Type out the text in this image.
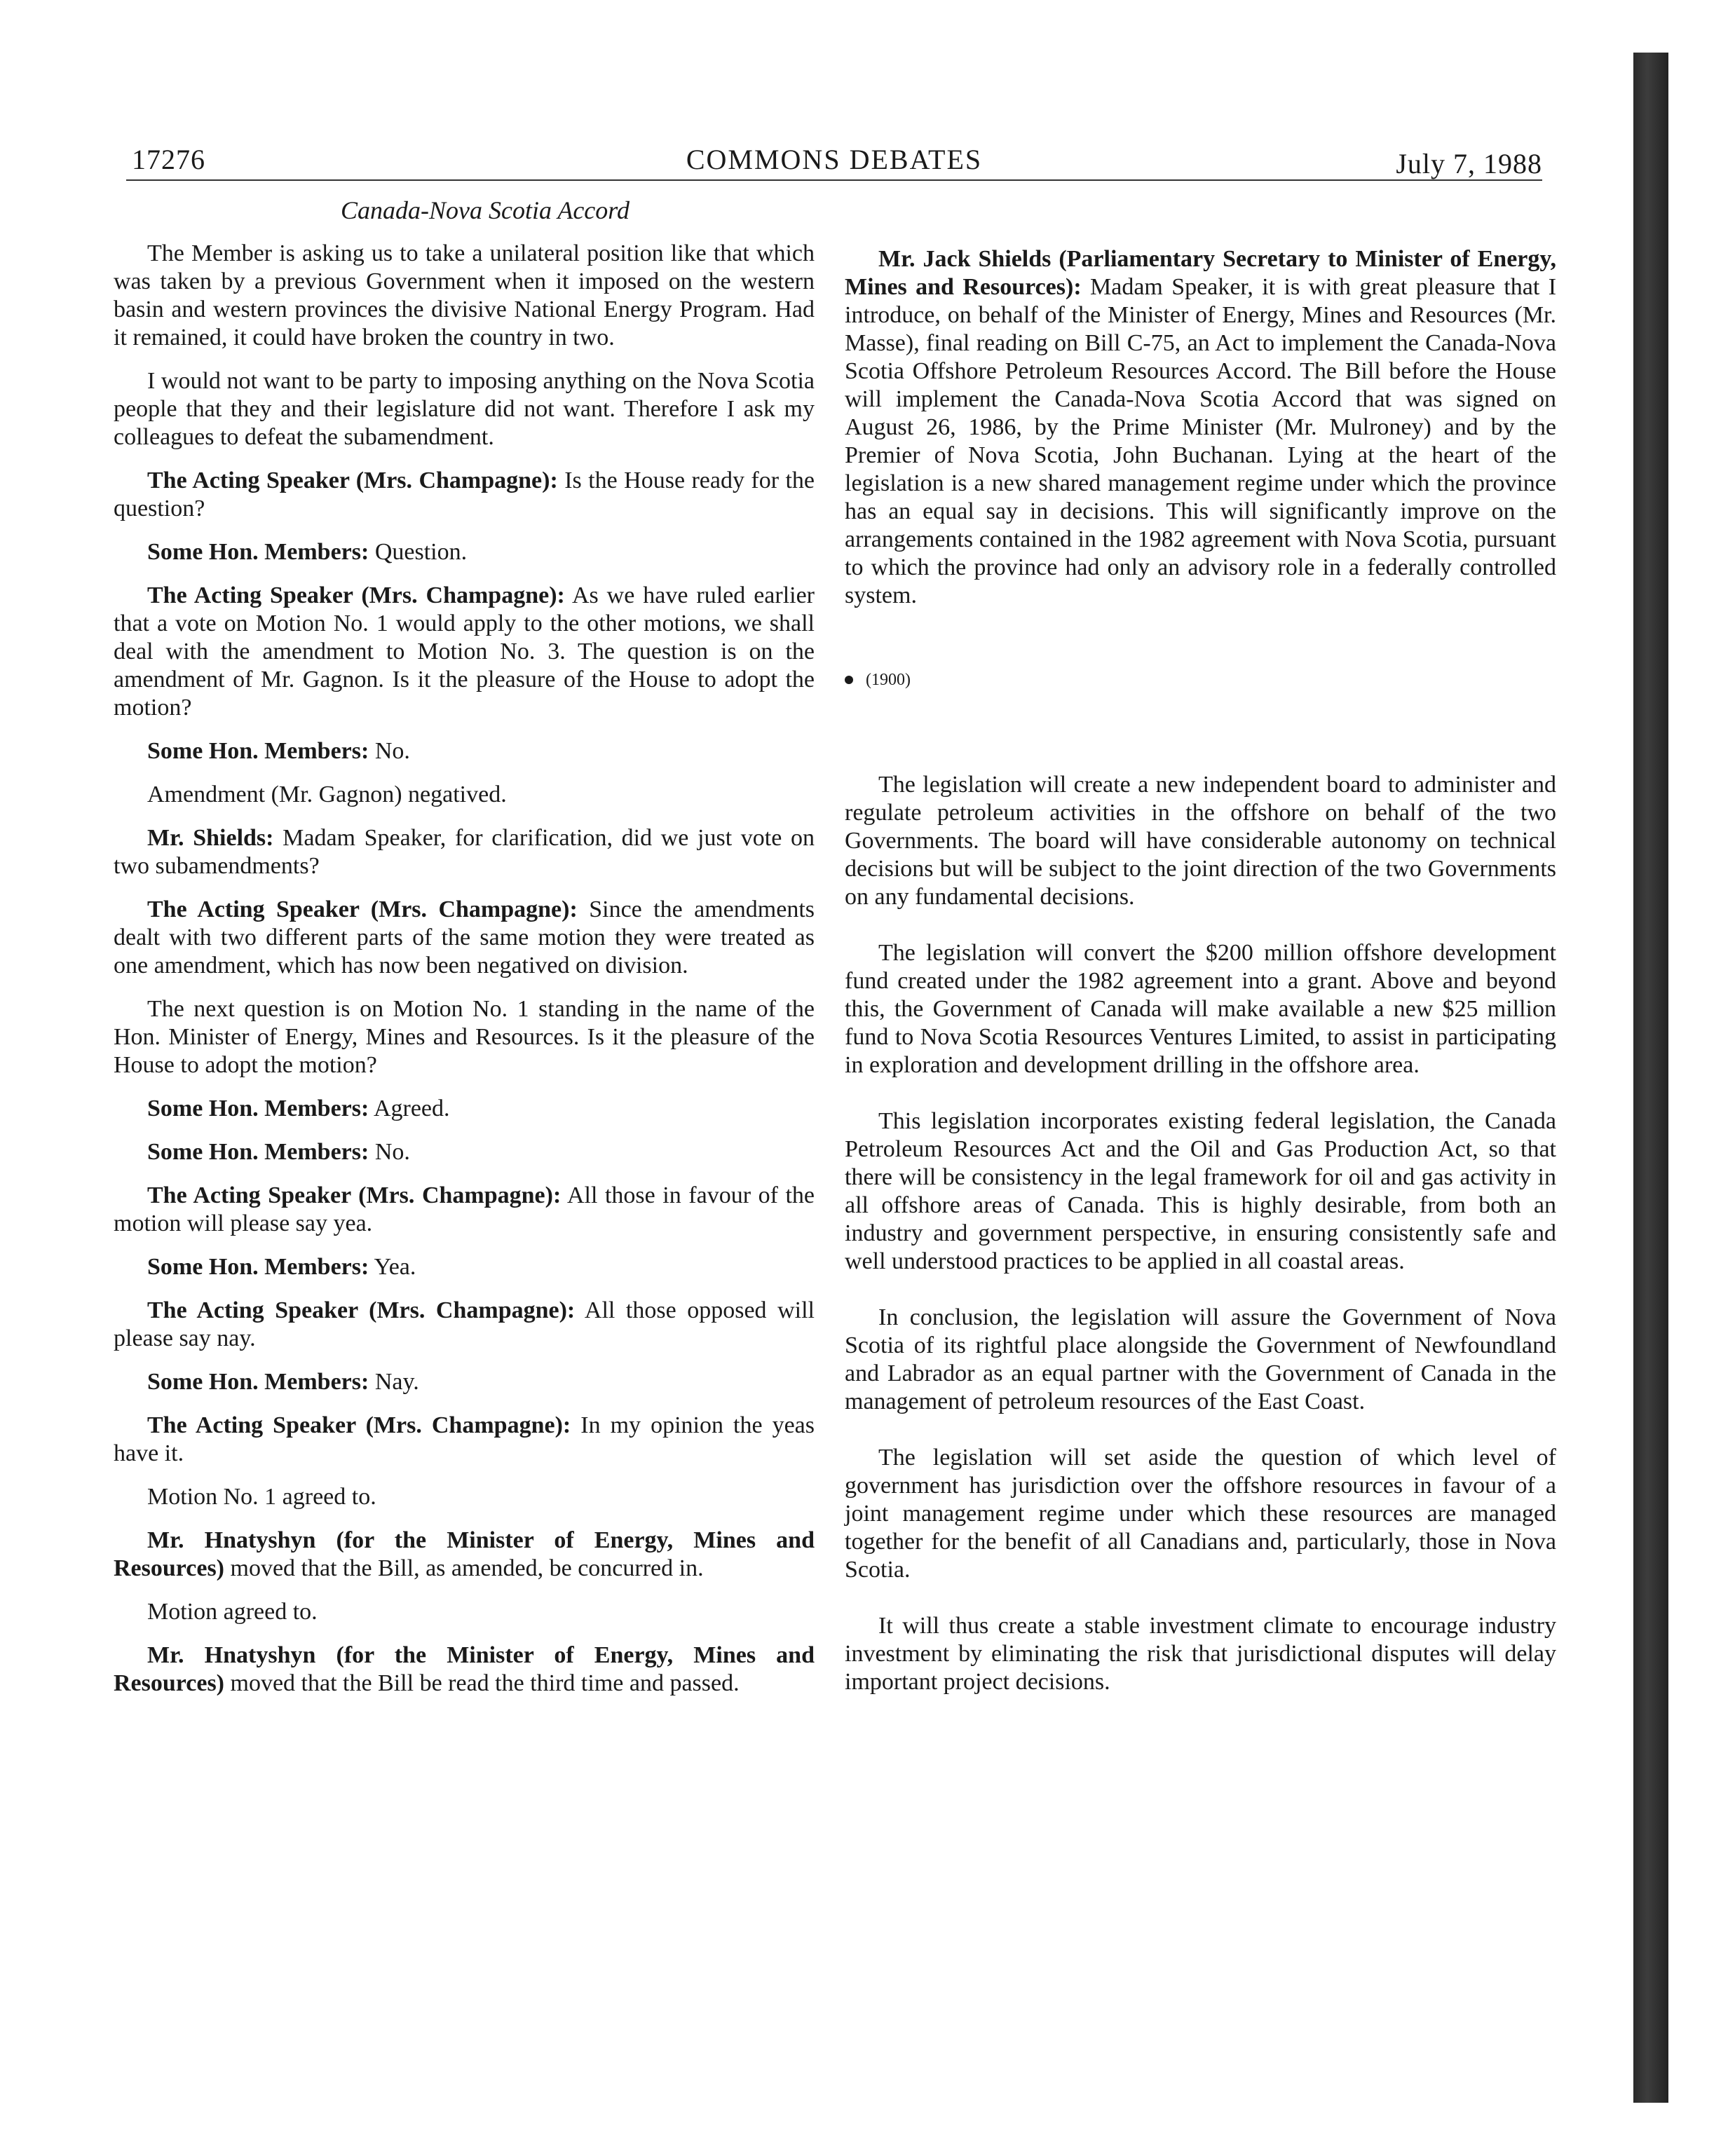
17276	COMMONS DEBATES	July 7, 1988
Canada-Nova Scotia Accord

The Member is asking us to take a unilateral position like that which was taken by a previous Government when it imposed on the western basin and western provinces the divisive National Energy Program. Had it remained, it could have broken the country in two.

I would not want to be party to imposing anything on the Nova Scotia people that they and their legislature did not want. Therefore I ask my colleagues to defeat the subamendment.

The Acting Speaker (Mrs. Champagne): Is the House ready for the question?

Some Hon. Members: Question.

The Acting Speaker (Mrs. Champagne): As we have ruled earlier that a vote on Motion No. 1 would apply to the other motions, we shall deal with the amendment to Motion No. 3. The question is on the amendment of Mr. Gagnon. Is it the pleasure of the House to adopt the motion?

Some Hon. Members: No.

Amendment (Mr. Gagnon) negatived.

Mr. Shields: Madam Speaker, for clarification, did we just vote on two subamendments?

The Acting Speaker (Mrs. Champagne): Since the amendments dealt with two different parts of the same motion they were treated as one amendment, which has now been negatived on division.

The next question is on Motion No. 1 standing in the name of the Hon. Minister of Energy, Mines and Resources. Is it the pleasure of the House to adopt the motion?

Some Hon. Members: Agreed.

Some Hon. Members: No.

The Acting Speaker (Mrs. Champagne): All those in favour of the motion will please say yea.

Some Hon. Members: Yea.

The Acting Speaker (Mrs. Champagne): All those opposed will please say nay.

Some Hon. Members: Nay.

The Acting Speaker (Mrs. Champagne): In my opinion the yeas have it.

Motion No. 1 agreed to.

Mr. Hnatyshyn (for the Minister of Energy, Mines and Resources) moved that the Bill, as amended, be concurred in.

Motion agreed to.

Mr. Hnatyshyn (for the Minister of Energy, Mines and Resources) moved that the Bill be read the third time and passed.

Mr. Jack Shields (Parliamentary Secretary to Minister of Energy, Mines and Resources): Madam Speaker, it is with great pleasure that I introduce, on behalf of the Minister of Energy, Mines and Resources (Mr. Masse), final reading on Bill C-75, an Act to implement the Canada-Nova Scotia Offshore Petroleum Resources Accord. The Bill before the House will implement the Canada-Nova Scotia Accord that was signed on August 26, 1986, by the Prime Minister (Mr. Mulroney) and by the Premier of Nova Scotia, John Buchanan. Lying at the heart of the legislation is a new shared management regime under which the province has an equal say in decisions. This will significantly improve on the arrangements contained in the 1982 agreement with Nova Scotia, pursuant to which the province had only an advisory role in a federally controlled system.

(1900)

The legislation will create a new independent board to administer and regulate petroleum activities in the offshore on behalf of the two Governments. The board will have considerable autonomy on technical decisions but will be subject to the joint direction of the two Governments on any fundamental decisions.

The legislation will convert the $200 million offshore development fund created under the 1982 agreement into a grant. Above and beyond this, the Government of Canada will make available a new $25 million fund to Nova Scotia Resources Ventures Limited, to assist in participating in exploration and development drilling in the offshore area.

This legislation incorporates existing federal legislation, the Canada Petroleum Resources Act and the Oil and Gas Production Act, so that there will be consistency in the legal framework for oil and gas activity in all offshore areas of Canada. This is highly desirable, from both an industry and government perspective, in ensuring consistently safe and well understood practices to be applied in all coastal areas.

In conclusion, the legislation will assure the Government of Nova Scotia of its rightful place alongside the Government of Newfoundland and Labrador as an equal partner with the Government of Canada in the management of petroleum resources of the East Coast.

The legislation will set aside the question of which level of government has jurisdiction over the offshore resources in favour of a joint management regime under which these resources are managed together for the benefit of all Canadians and, particularly, those in Nova Scotia.

It will thus create a stable investment climate to encourage industry investment by eliminating the risk that jurisdictional disputes will delay important project decisions.
